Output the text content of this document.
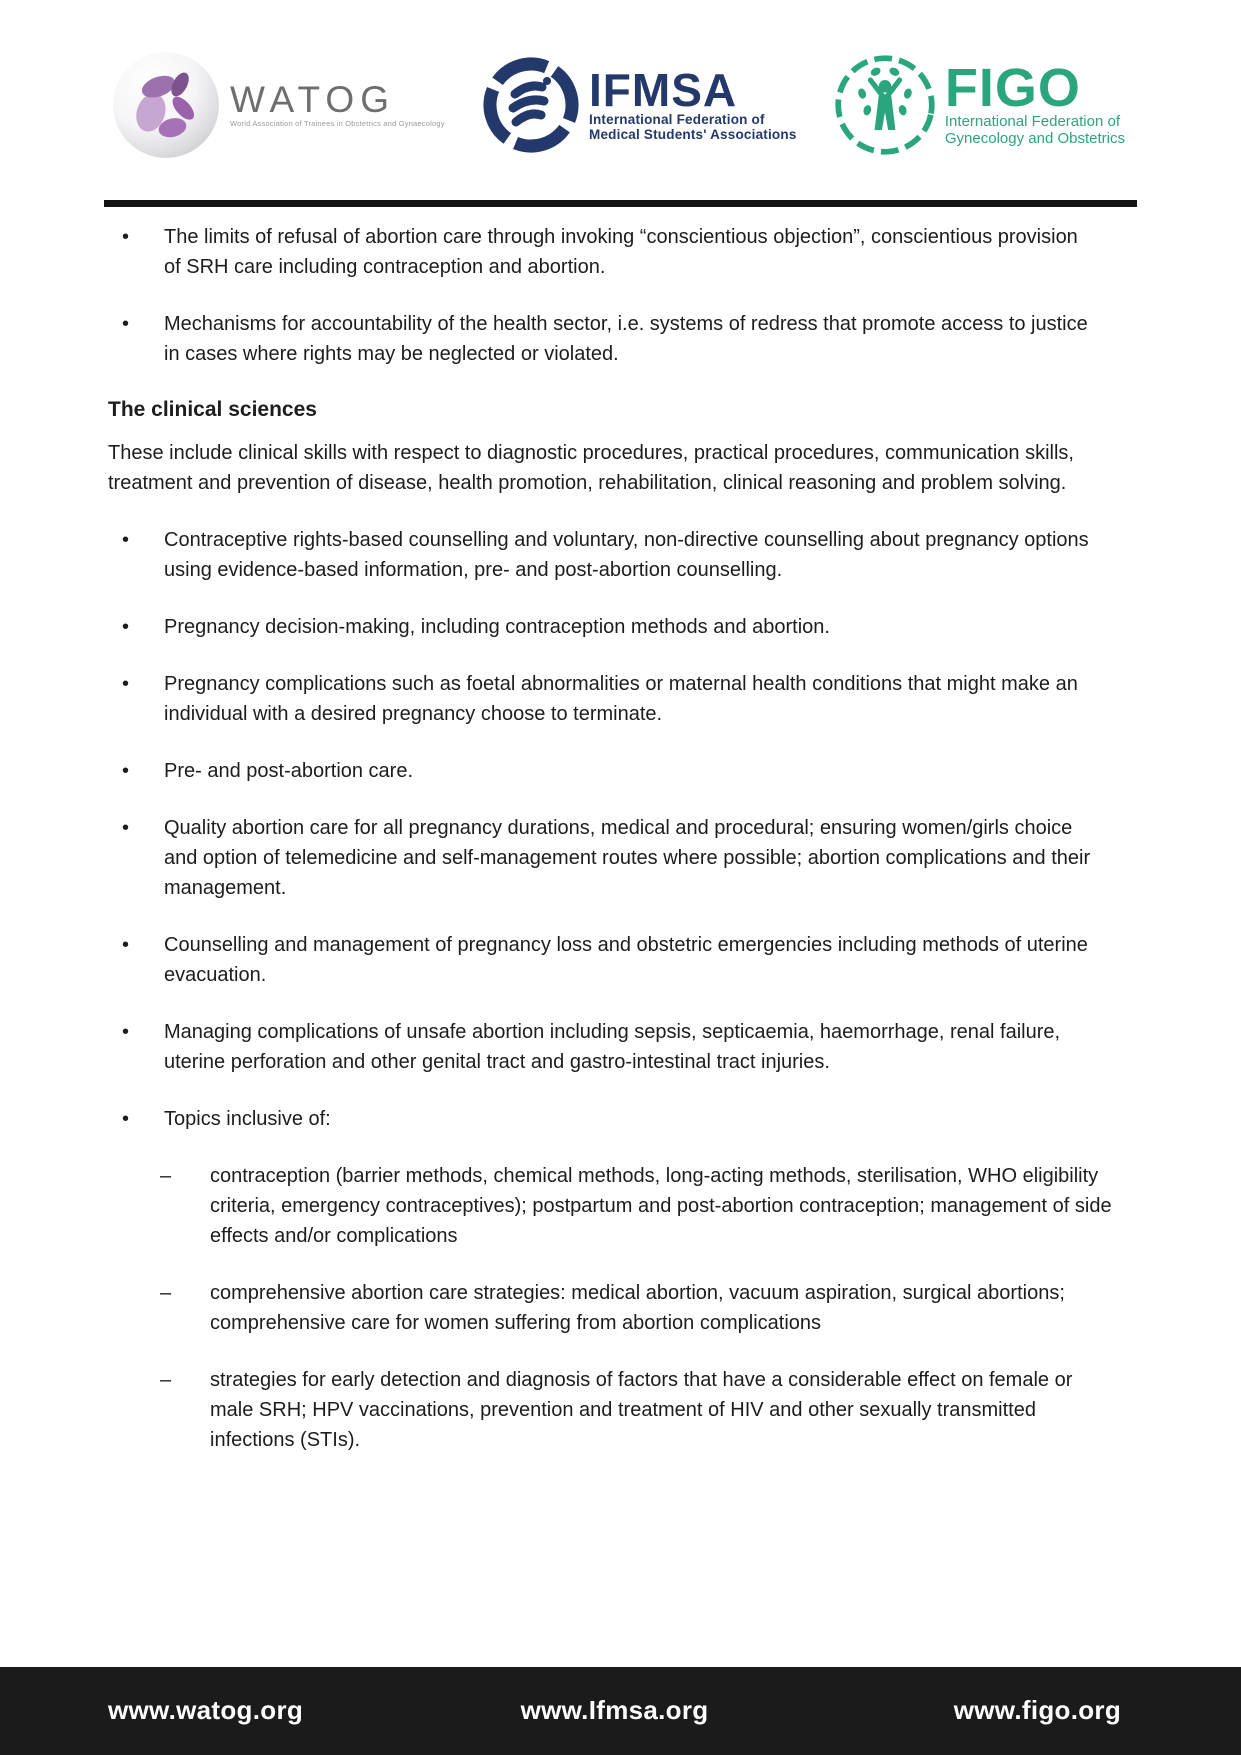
WATOG
World Association of Trainees in Obstetrics and Gynaecology
IFMSA
International Federation of
Medical Students' Associations
FIGO
International Federation of
Gynecology and Obstetrics
•	The limits of refusal of abortion care through invoking “conscientious objection”, conscientious provision of SRH care including contraception and abortion.
•	Mechanisms for accountability of the health sector, i.e. systems of redress that promote access to justice in cases where rights may be neglected or violated.
The clinical sciences

These include clinical skills with respect to diagnostic procedures, practical procedures, communication skills, treatment and prevention of disease, health promotion, rehabilitation, clinical reasoning and problem solving.

•	Contraceptive rights-based counselling and voluntary, non-directive counselling about pregnancy options using evidence-based information, pre- and post-abortion counselling.
•	Pregnancy decision-making, including contraception methods and abortion.
•	Pregnancy complications such as foetal abnormalities or maternal health conditions that might make an individual with a desired pregnancy choose to terminate.
•	Pre- and post-abortion care.
•	Quality abortion care for all pregnancy durations, medical and procedural; ensuring women/girls choice and option of telemedicine and self-management routes where possible; abortion complications and their management.
•	Counselling and management of pregnancy loss and obstetric emergencies including methods of uterine evacuation.
•	Managing complications of unsafe abortion including sepsis, septicaemia, haemorrhage, renal failure, uterine perforation and other genital tract and gastro-intestinal tract injuries.
•	Topics inclusive of:
–	contraception (barrier methods, chemical methods, long-acting methods, sterilisation, WHO eligibility criteria, emergency contraceptives); postpartum and post-abortion contraception; management of side effects and/or complications
–	comprehensive abortion care strategies: medical abortion, vacuum aspiration, surgical abortions; comprehensive care for women suffering from abortion complications
–	strategies for early detection and diagnosis of factors that have a considerable effect on female or male SRH; HPV vaccinations, prevention and treatment of HIV and other sexually transmitted infections (STIs).
www.watog.org	www.Ifmsa.org	www.figo.org
